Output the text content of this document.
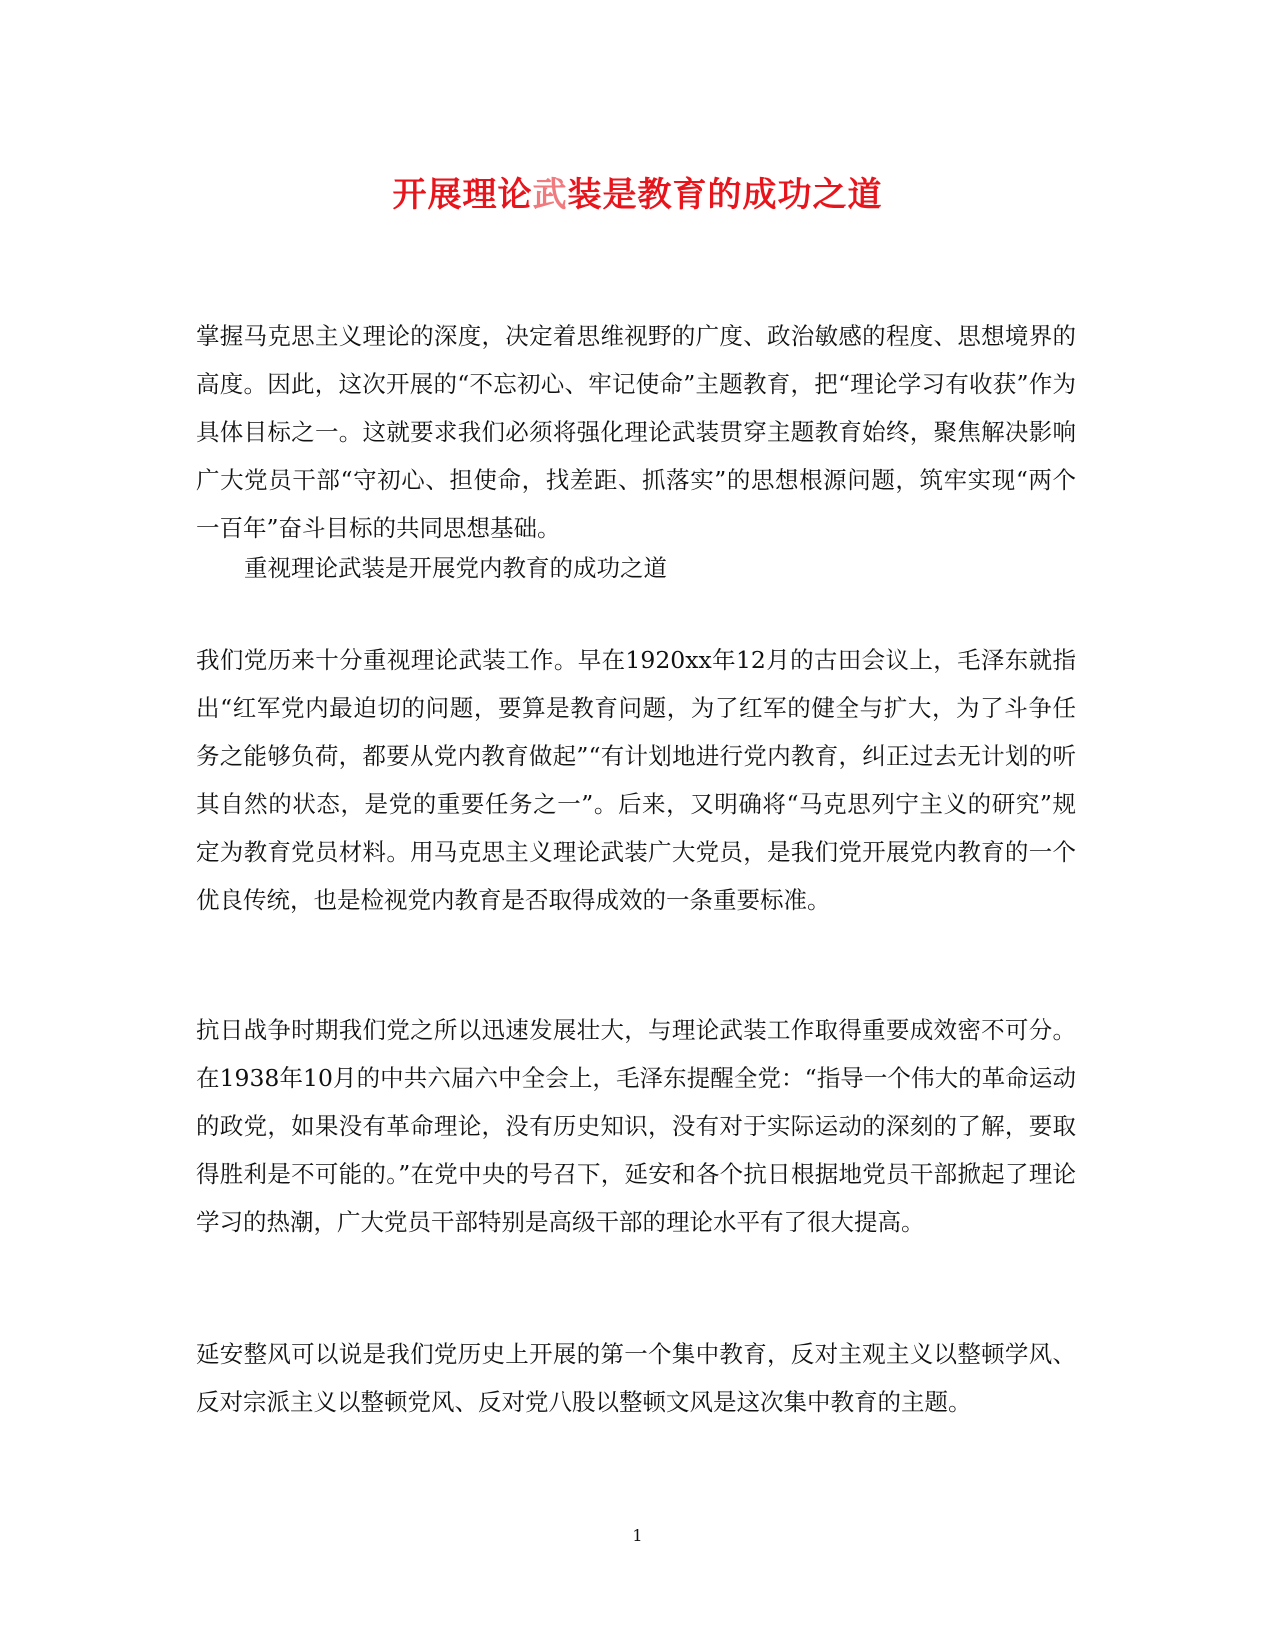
开展理论武装是教育的成功之道

掌握马克思主义理论的深度，决定着思维视野的广度、政治敏感的程度、思想境界的高度。因此，这次开展的“不忘初心、牢记使命”主题教育，把“理论学习有收获”作为具体目标之一。这就要求我们必须将强化理论武装贯穿主题教育始终，聚焦解决影响广大党员干部“守初心、担使命，找差距、抓落实”的思想根源问题，筑牢实现“两个一百年”奋斗目标的共同思想基础。

重视理论武装是开展党内教育的成功之道

我们党历来十分重视理论武装工作。早在1920xx年12月的古田会议上，毛泽东就指出“红军党内最迫切的问题，要算是教育问题，为了红军的健全与扩大，为了斗争任务之能够负荷，都要从党内教育做起”“有计划地进行党内教育，纠正过去无计划的听其自然的状态，是党的重要任务之一”。后来，又明确将“马克思列宁主义的研究”规定为教育党员材料。用马克思主义理论武装广大党员，是我们党开展党内教育的一个优良传统，也是检视党内教育是否取得成效的一条重要标准。

抗日战争时期我们党之所以迅速发展壮大，与理论武装工作取得重要成效密不可分。在1938年10月的中共六届六中全会上，毛泽东提醒全党：“指导一个伟大的革命运动的政党，如果没有革命理论，没有历史知识，没有对于实际运动的深刻的了解，要取得胜利是不可能的。”在党中央的号召下，延安和各个抗日根据地党员干部掀起了理论学习的热潮，广大党员干部特别是高级干部的理论水平有了很大提高。

延安整风可以说是我们党历史上开展的第一个集中教育，反对主观主义以整顿学风、反对宗派主义以整顿党风、反对党八股以整顿文风是这次集中教育的主题。

1
